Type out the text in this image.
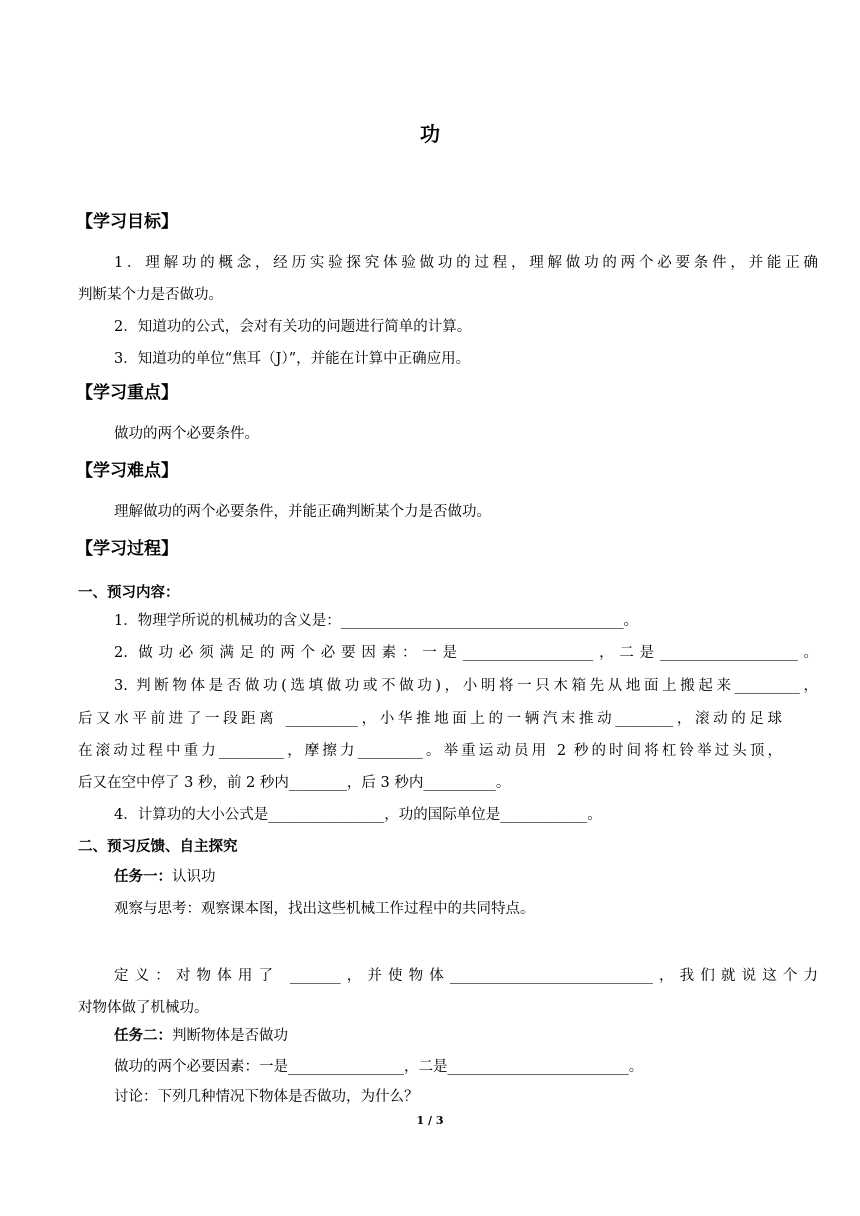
功
【学习目标】
1．理解功的概念，经历实验探究体验做功的过程，理解做功的两个必要条件，并能正确
判断某个力是否做功。
2．知道功的公式，会对有关功的问题进行简单的计算。
3．知道功的单位“焦耳（J）”，并能在计算中正确应用。
【学习重点】
做功的两个必要条件。
【学习难点】
理解做功的两个必要条件，并能正确判断某个力是否做功。
【学习过程】
一、预习内容：
1．物理学所说的机械功的含义是：_______________________________________。
2. 做功必须满足的两个必要因素：一是__________________，二是___________________。
3. 判断物体是否做功(选填做功或不做功)，小明将一只木箱先从地面上搬起来_________，
后又水平前进了一段距离 __________，小华推地面上的一辆汽末推动________，滚动的足球
在滚动过程中重力_________，摩擦力_________。举重运动员用 2 秒的时间将杠铃举过头顶，
后又在空中停了 3 秒，前 2 秒内________，后 3 秒内__________。
4．计算功的大小公式是________________，功的国际单位是____________。
二、预习反馈、自主探究
任务一：认识功
观察与思考：观察课本图，找出这些机械工作过程中的共同特点。
定义：对物体用了 _______，并使物体____________________________，我们就说这个力
对物体做了机械功。
任务二：判断物体是否做功
做功的两个必要因素：一是________________，二是_________________________。
讨论：下列几种情况下物体是否做功，为什么？
1 / 3
